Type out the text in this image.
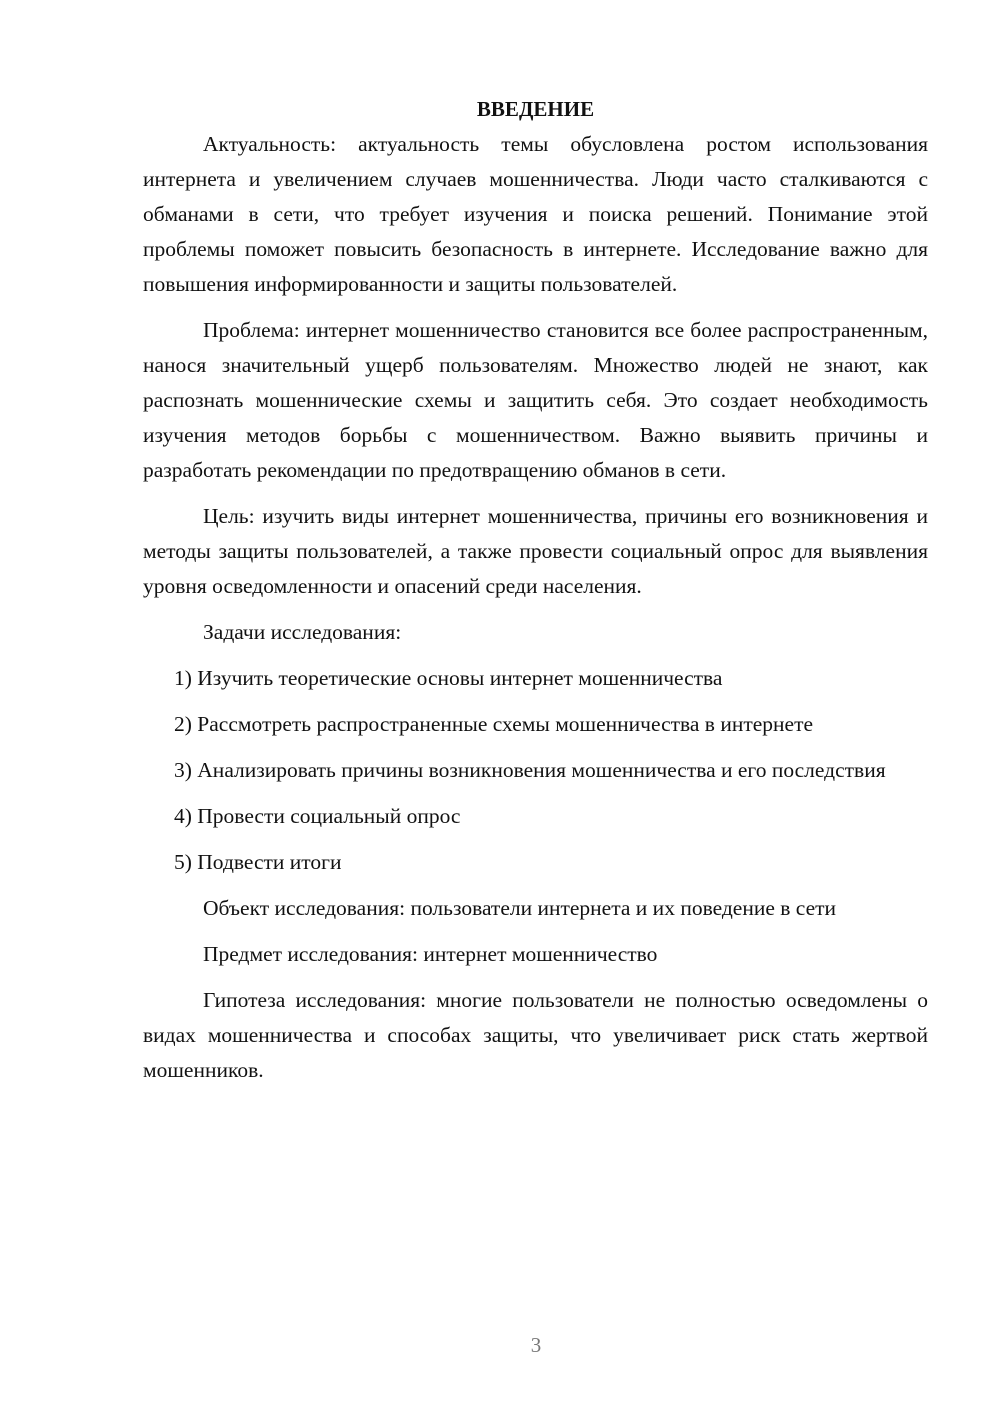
ВВЕДЕНИЕ

Актуальность: актуальность темы обусловлена ростом использования интернета и увеличением случаев мошенничества. Люди часто сталкиваются с обманами в сети, что требует изучения и поиска решений. Понимание этой проблемы поможет повысить безопасность в интернете. Исследование важно для повышения информированности и защиты пользователей.

Проблема: интернет мошенничество становится все более распространенным, нанося значительный ущерб пользователям. Множество людей не знают, как распознать мошеннические схемы и защитить себя. Это создает необходимость изучения методов борьбы с мошенничеством. Важно выявить причины и разработать рекомендации по предотвращению обманов в сети.

Цель: изучить виды интернет мошенничества, причины его возникновения и методы защиты пользователей, а также провести социальный опрос для выявления уровня осведомленности и опасений среди населения.

Задачи исследования:

1) Изучить теоретические основы интернет мошенничества

2) Рассмотреть распространенные схемы мошенничества в интернете

3) Анализировать причины возникновения мошенничества и его последствия

4) Провести социальный опрос

5) Подвести итоги

Объект исследования: пользователи интернета и их поведение в сети

Предмет исследования: интернет мошенничество

Гипотеза исследования: многие пользователи не полностью осведомлены о видах мошенничества и способах защиты, что увеличивает риск стать жертвой мошенников.

3
